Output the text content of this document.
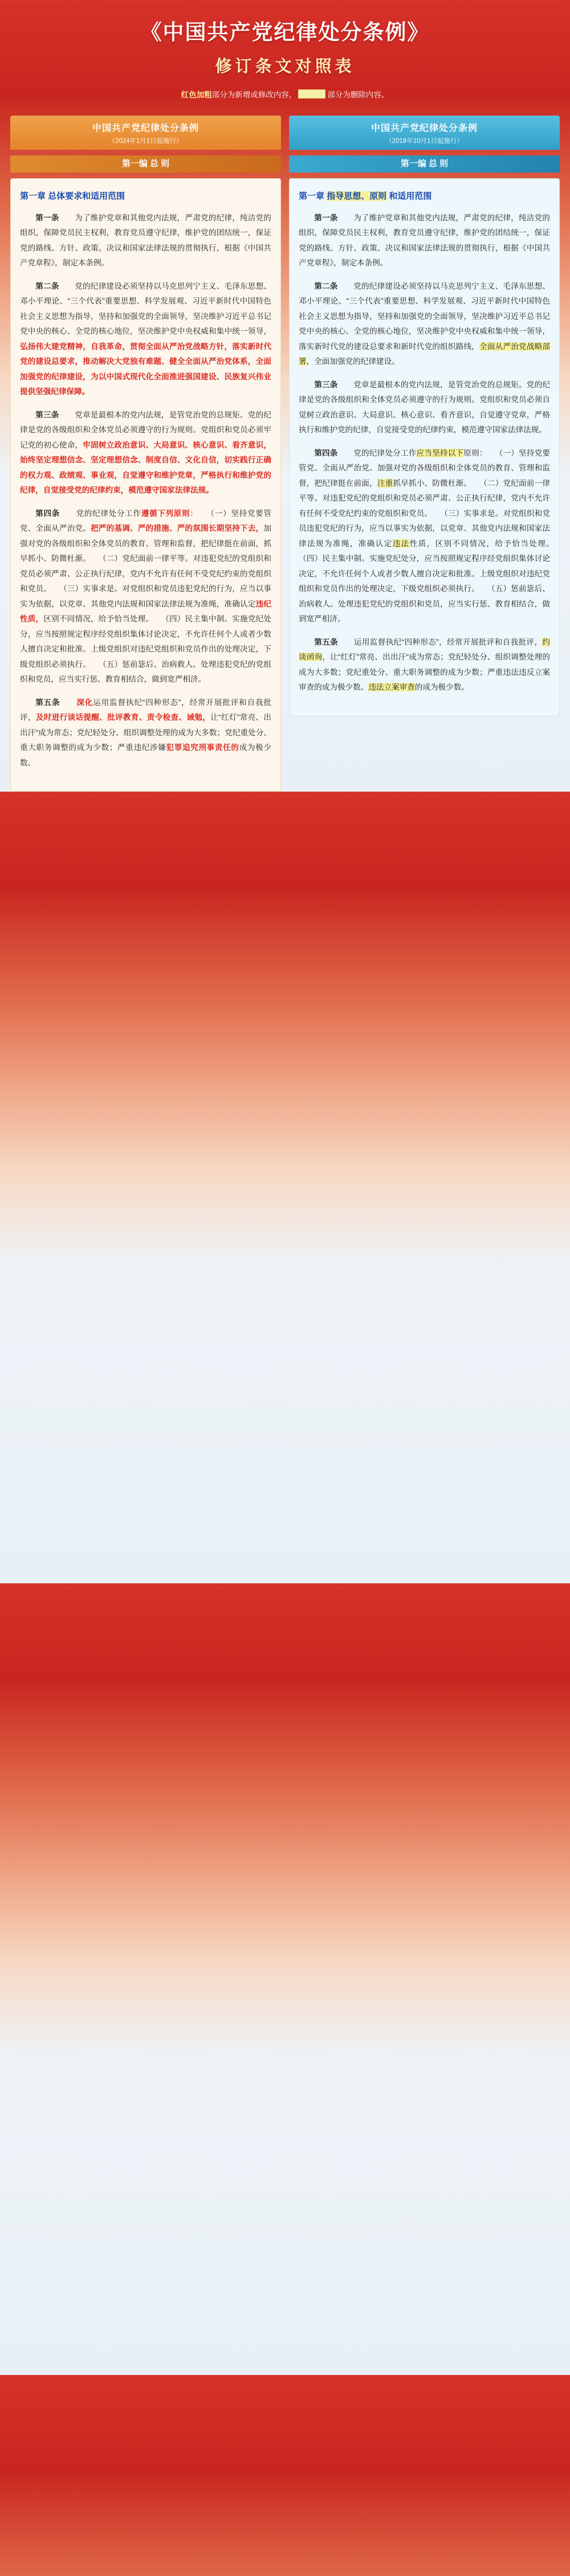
《中国共产党纪律处分条例》
修订条文对照表
红色加粗部分为新增或修改内容，	部分为删除内容。
中国共产党纪律处分条例
（2024年1月1日起施行）
第一编 总 则
第一章 总体要求和适用范围
第一条　　为了维护党章和其他党内法规，严肃党的纪律，纯洁党的组织，保障党员民主权利，教育党员遵守纪律，维护党的团结统一，保证党的路线、方针、政策、决议和国家法律法规的贯彻执行，根据《中国共产党章程》，制定本条例。
第二条　　党的纪律建设必须坚持以马克思列宁主义、毛泽东思想、邓小平理论、“三个代表”重要思想、科学发展观、习近平新时代中国特色社会主义思想为指导，坚持和加强党的全面领导，坚决维护习近平总书记党中央的核心、全党的核心地位，坚决维护党中央权威和集中统一领导，弘扬伟大建党精神，自我革命，贯彻全面从严治党战略方针，落实新时代党的建设总要求，推动解决大党独有难题、健全全面从严治党体系，全面加强党的纪律建设，为以中国式现代化全面推进强国建设、民族复兴伟业提供坚强纪律保障。
第三条　　党章是最根本的党内法规，是管党治党的总规矩。党的纪律是党的各级组织和全体党员必须遵守的行为规则。党组织和党员必须牢记党的初心使命，牢固树立政治意识、大局意识、核心意识、看齐意识，始终坚定理想信念、坚定理想信念、制度自信、文化自信，切实践行正确的权力观、政绩观、事业观，自觉遵守和维护党章，严格执行和维护党的纪律，自觉接受党的纪律约束，模范遵守国家法律法规。
第四条　　党的纪律处分工作遵循下列原则：　　（一）坚持党要管党、全面从严治党。把严的基调、严的措施、严的氛围长期坚持下去，加强对党的各级组织和全体党员的教育、管理和监督，把纪律挺在前面，抓早抓小、防微杜渐。　　（二）党纪面前一律平等。对违犯党纪的党组织和党员必须严肃、公正执行纪律，党内不允许有任何不受党纪约束的党组织和党员。　　（三）实事求是。对党组织和党员违犯党纪的行为，应当以事实为依据，以党章、其他党内法规和国家法律法规为准绳，准确认定违纪性质，区别不同情况，给予恰当处理。　　（四）民主集中制。实施党纪处分，应当按照规定程序经党组织集体讨论决定，不允许任何个人或者少数人擅自决定和批准。上级党组织对违纪党组织和党员作出的处理决定，下级党组织必须执行。　　（五）惩前毖后、治病救人。处理违犯党纪的党组织和党员，应当实行惩、教育相结合，做到宽严相济。
第五条　　 深化运用监督执纪“四种形态”，经常开展批评和自我批评，及时进行谈话提醒、批评教育、责令检查、诫勉，让“红灯”常亮、出出汗“成为常态；党纪轻处分、组织调整处理的成为大多数；党纪重处分、重大职务调整的成为少数；严重违纪涉嫌犯罪追究刑事责任的成为极少数。
中国共产党纪律处分条例
（2018年10月1日起施行）
第一编 总 则
第一章 指导思想、原则 和适用范围
第一条　　为了维护党章和其他党内法规，严肃党的纪律，纯洁党的组织，保障党员民主权利，教育党员遵守纪律，维护党的团结统一，保证党的路线、方针、政策、决议和国家法律法规的贯彻执行，根据《中国共产党章程》，制定本条例。
第二条　　党的纪律建设必须坚持以马克思列宁主义、毛泽东思想、邓小平理论、“三个代表”重要思想、科学发展观、习近平新时代中国特色社会主义思想为指导，坚持和加强党的全面领导，坚决维护习近平总书记党中央的核心、全党的核心地位，坚决维护党中央权威和集中统一领导，落实新时代党的建设总要求和新时代党的组织路线，全面从严治党战略部署，全面加强党的纪律建设。
第三条　　党章是最根本的党内法规，是管党治党的总规矩。党的纪律是党的各级组织和全体党员必须遵守的行为规则。党组织和党员必须自觉树立政治意识、大局意识、核心意识、看齐意识，自觉遵守党章，严格执行和维护党的纪律，自觉接受党的纪律约束，模范遵守国家法律法规。
第四条　　党的纪律处分工作应当坚持以下原则：　　（一）坚持党要管党、全面从严治党。加强对党的各级组织和全体党员的教育、管理和监督，把纪律挺在前面，注重抓早抓小、防微杜渐。　　（二）党纪面前一律平等。对违犯党纪的党组织和党员必须严肃、公正执行纪律，党内不允许有任何不受党纪约束的党组织和党员。　　（三）实事求是。对党组织和党员违犯党纪的行为，应当以事实为依据，以党章、其他党内法规和国家法律法规为准绳，准确认定违法性质，区别不同情况，给予恰当处理。　　（四）民主集中制。实施党纪处分，应当按照规定程序经党组织集体讨论决定，不允许任何个人或者少数人擅自决定和批准。上级党组织对违纪党组织和党员作出的处理决定，下级党组织必须执行。　　（五）惩前毖后、治病救人。处理违犯党纪的党组织和党员，应当实行惩、教育相结合，做到宽严相济。
第五条　　运用监督执纪“四种形态”，经常开展批评和自我批评，约谈函询，让“红灯”常亮、出出汗“成为常态；党纪轻处分、组织调整处理的成为大多数；党纪重处分、重大职务调整的成为少数；严重违法违反立案审查的成为极少数。违法立案审查的成为极少数。
